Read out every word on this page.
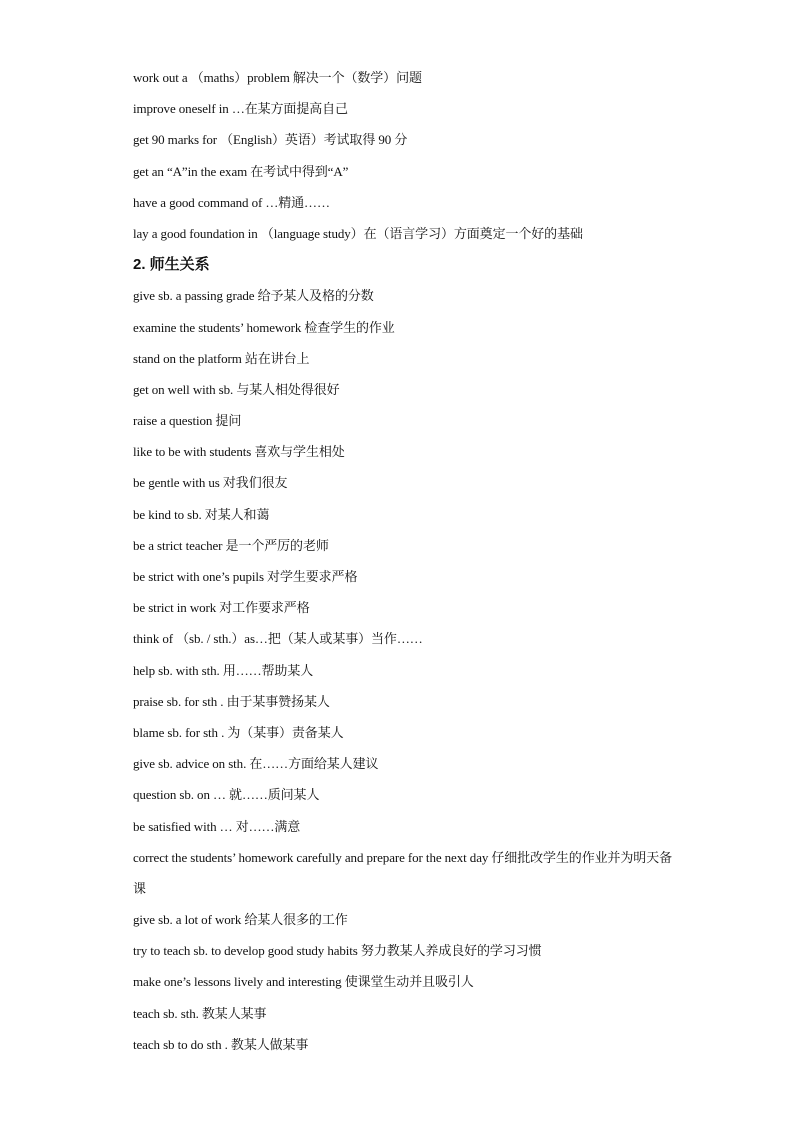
work out a （maths）problem 解决一个（数学）问题
improve oneself in …在某方面提高自己
get 90 marks for （English）英语）考试取得 90 分
get an “A”in the exam 在考试中得到“A”
have a good command of …精通……
lay a good foundation in （language study）在（语言学习）方面奠定一个好的基础
2. 师生关系
give sb. a passing grade 给予某人及格的分数
examine the students’ homework 检查学生的作业
stand on the platform 站在讲台上
get on well with sb. 与某人相处得很好
raise a question 提问
like to be with students 喜欢与学生相处
be gentle with us 对我们很友
be kind to sb. 对某人和蔼
be a strict teacher 是一个严厉的老师
be strict with one’s pupils 对学生要求严格
be strict in work 对工作要求严格
think of （sb. / sth.）as…把（某人或某事）当作……
help sb. with sth. 用……帮助某人
praise sb. for sth . 由于某事赞扬某人
blame sb. for sth . 为（某事）责备某人
give sb. advice on sth. 在……方面给某人建议
question sb. on … 就……质问某人
be satisfied with … 对……满意
correct the students’ homework carefully and prepare for the next day 仔细批改学生的作业并为明天备课
give sb. a lot of work 给某人很多的工作
try to teach sb. to develop good study habits 努力教某人养成良好的学习习惯
make one’s lessons lively and interesting 使课堂生动并且吸引人
teach sb. sth. 教某人某事
teach sb to do sth . 教某人做某事
